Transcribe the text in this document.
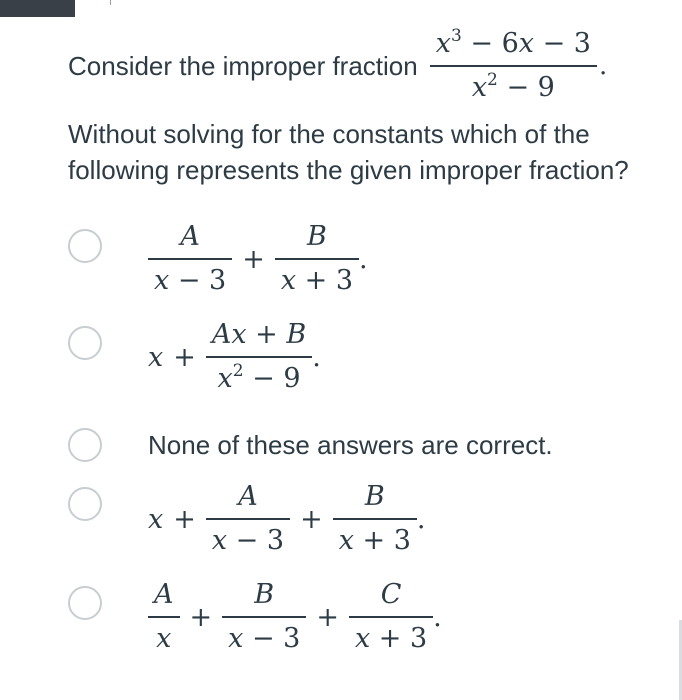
Consider the improper fraction $\frac{x^3 - 6x - 3}{x^2 - 9}$ .
Without solving for the constants which of the following represents the given improper fraction?
$\frac{A}{x - 3} + \frac{B}{x + 3}$ .
$x + \frac{Ax + B}{x^2 - 9}$ .
None of these answers are correct.
$x + \frac{A}{x - 3} + \frac{B}{x + 3}$ .
$\frac{A}{x} + \frac{B}{x - 3} + \frac{C}{x + 3}$ .
